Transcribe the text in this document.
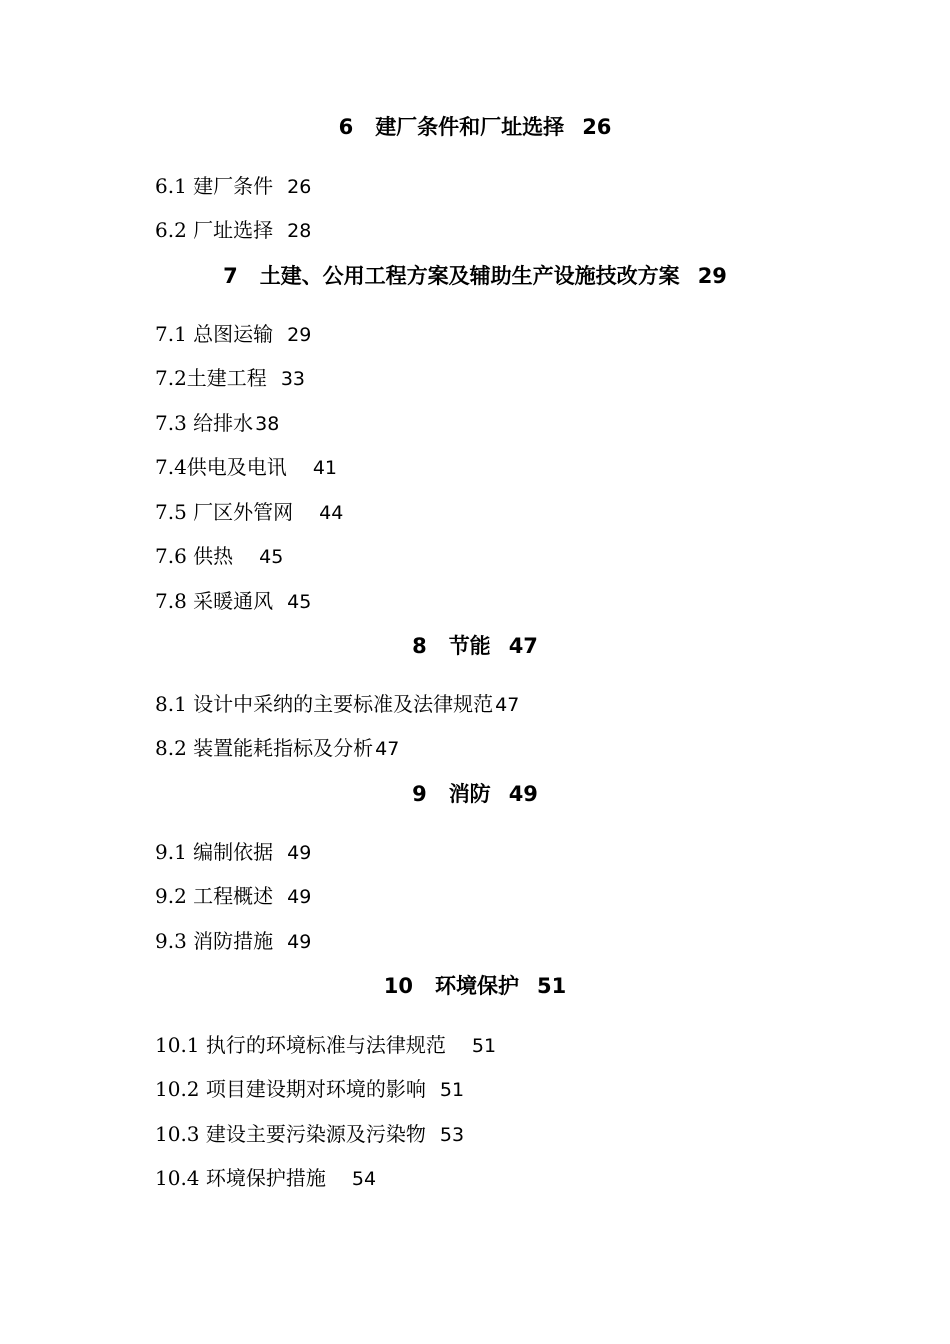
6 建厂条件和厂址选择 26
6.1 建厂条件 26
6.2 厂址选择 28
7 土建、公用工程方案及辅助生产设施技改方案 29
7.1 总图运输 29
7.2土建工程 33
7.3 给排水 38
7.4供电及电讯 41
7.5 厂区外管网 44
7.6 供热 45
7.8 采暖通风 45
8 节能 47
8.1 设计中采纳的主要标准及法律规范 47
8.2 装置能耗指标及分析 47
9 消防 49
9.1 编制依据 49
9.2 工程概述 49
9.3 消防措施 49
10 环境保护 51
10.1 执行的环境标准与法律规范 51
10.2 项目建设期对环境的影响 51
10.3 建设主要污染源及污染物 53
10.4 环境保护措施 54
